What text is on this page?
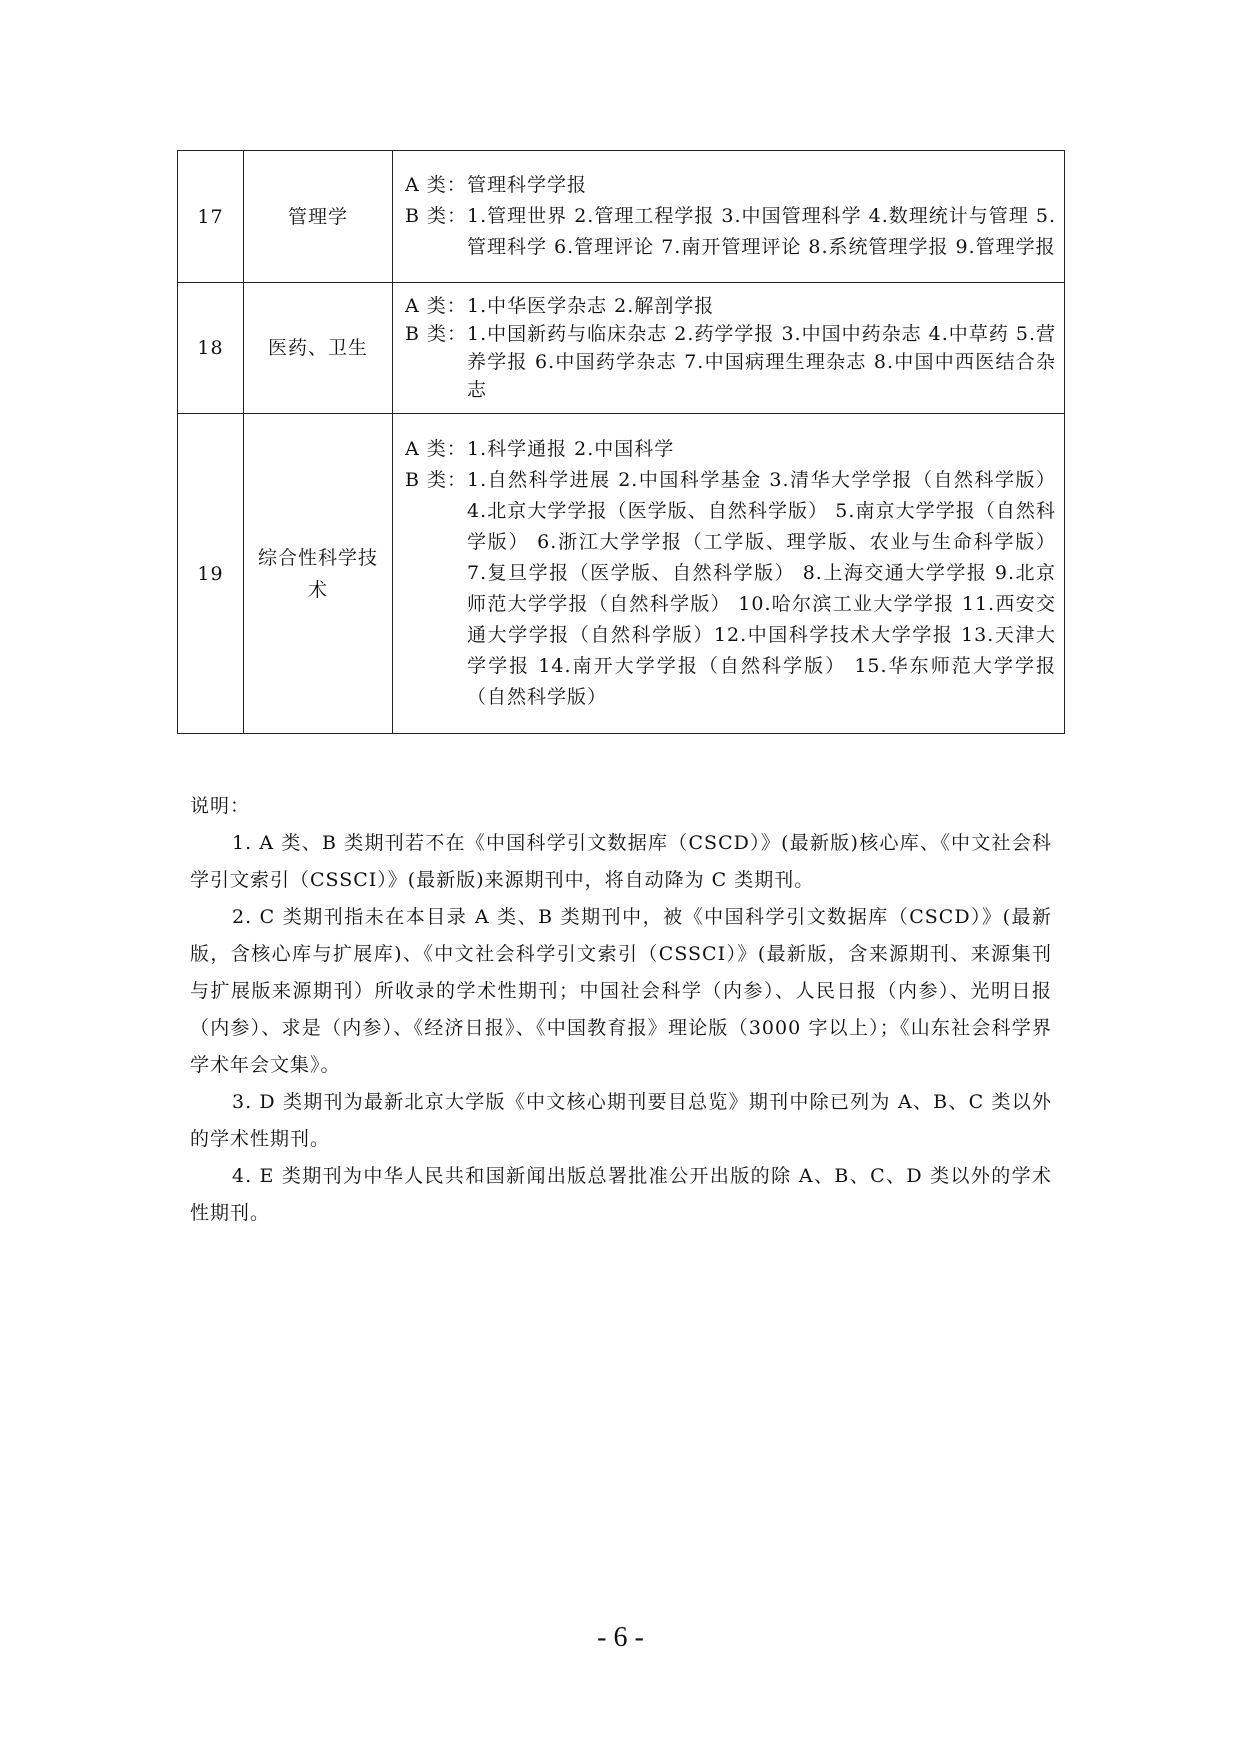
17	管理学	A 类： 管理科学学报
B 类： 1.管理世界 2.管理工程学报 3.中国管理科学 4.数理统计与管理 5.管理科学 6.管理评论 7.南开管理评论 8.系统管理学报 9.管理学报

18	医药、卫生	A 类： 1.中华医学杂志 2.解剖学报
B 类： 1.中国新药与临床杂志 2.药学学报 3.中国中药杂志 4.中草药 5.营养学报 6.中国药学杂志 7.中国病理生理杂志 8.中国中西医结合杂志

19	综合性科学技术	A 类： 1.科学通报 2.中国科学
B 类： 1.自然科学进展 2.中国科学基金 3.清华大学学报（自然科学版） 4.北京大学学报（医学版、自然科学版） 5.南京大学学报（自然科学版） 6.浙江大学学报（工学版、理学版、农业与生命科学版） 7.复旦学报（医学版、自然科学版） 8.上海交通大学学报 9.北京师范大学学报（自然科学版） 10.哈尔滨工业大学学报 11.西安交通大学学报（自然科学版）12.中国科学技术大学学报 13.天津大学学报 14.南开大学学报（自然科学版） 15.华东师范大学学报（自然科学版）

说明：

1. A 类、B 类期刊若不在《中国科学引文数据库（CSCD）》(最新版)核心库、《中文社会科学引文索引（CSSCI）》(最新版)来源期刊中，将自动降为 C 类期刊。

2. C 类期刊指未在本目录 A 类、B 类期刊中，被《中国科学引文数据库（CSCD）》(最新版，含核心库与扩展库)、《中文社会科学引文索引（CSSCI）》(最新版，含来源期刊、来源集刊与扩展版来源期刊）所收录的学术性期刊；中国社会科学（内参）、人民日报（内参）、光明日报（内参）、求是（内参）、《经济日报》、《中国教育报》理论版（3000 字以上）；《山东社会科学界学术年会文集》。

3. D 类期刊为最新北京大学版《中文核心期刊要目总览》期刊中除已列为 A、B、C 类以外的学术性期刊。

4. E 类期刊为中华人民共和国新闻出版总署批准公开出版的除 A、B、C、D 类以外的学术性期刊。

- 6 -
